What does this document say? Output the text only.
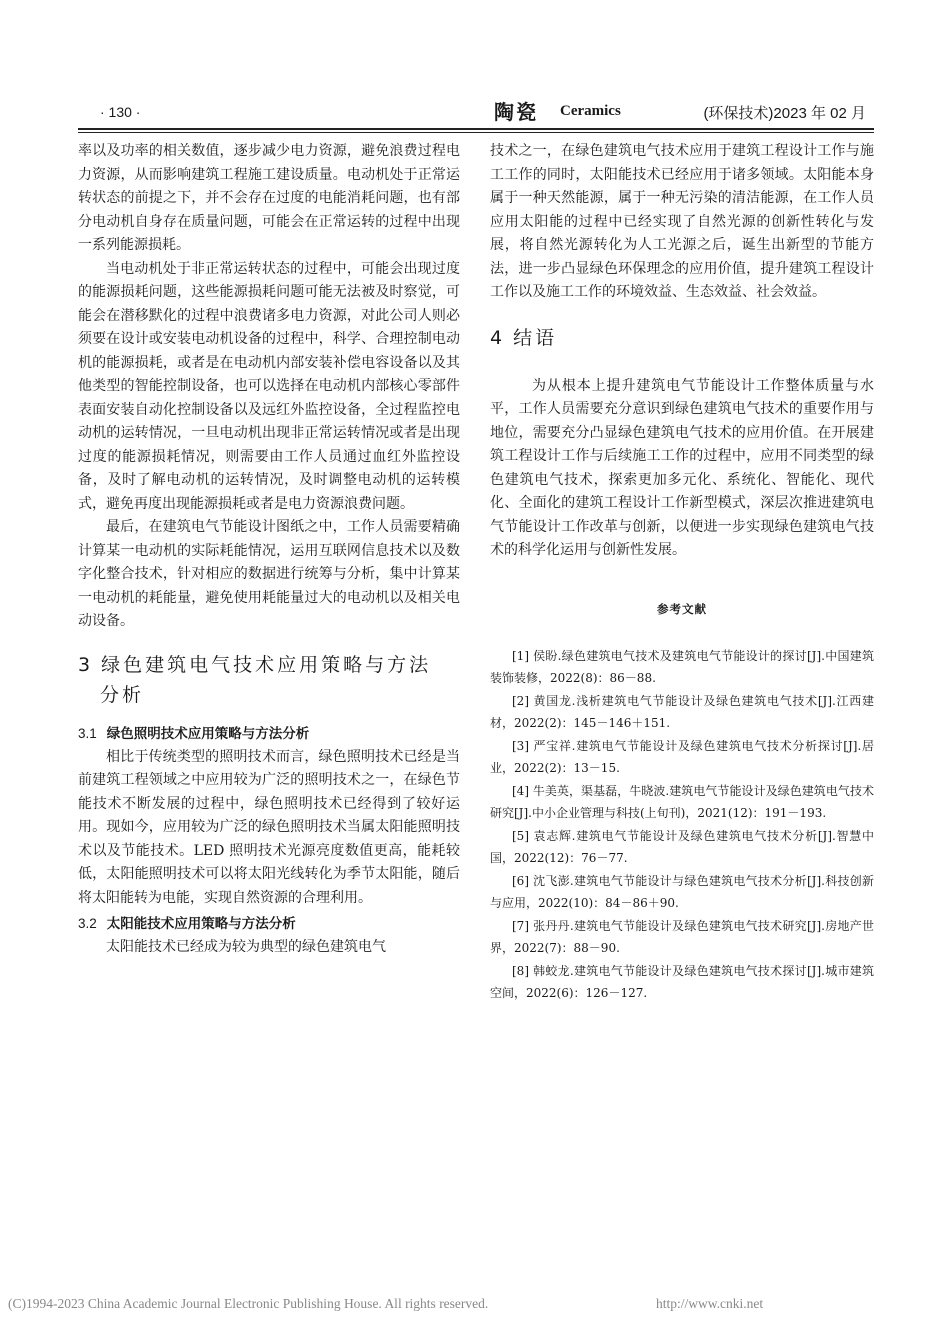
· 130 ·	陶瓷 Ceramics	(环保技术)2023 年 02 月

率以及功率的相关数值，逐步减少电力资源，避免浪费过程电力资源，从而影响建筑工程施工建设质量。电动机处于正常运转状态的前提之下，并不会存在过度的电能消耗问题，也有部分电动机自身存在质量问题，可能会在正常运转的过程中出现一系列能源损耗。

当电动机处于非正常运转状态的过程中，可能会出现过度的能源损耗问题，这些能源损耗问题可能无法被及时察觉，可能会在潜移默化的过程中浪费诸多电力资源，对此公司人则必须要在设计或安装电动机设备的过程中，科学、合理控制电动机的能源损耗，或者是在电动机内部安装补偿电容设备以及其他类型的智能控制设备，也可以选择在电动机内部核心零部件表面安装自动化控制设备以及远红外监控设备，全过程监控电动机的运转情况，一旦电动机出现非正常运转情况或者是出现过度的能源损耗情况，则需要由工作人员通过血红外监控设备，及时了解电动机的运转情况，及时调整电动机的运转模式，避免再度出现能源损耗或者是电力资源浪费问题。

最后，在建筑电气节能设计图纸之中，工作人员需要精确计算某一电动机的实际耗能情况，运用互联网信息技术以及数字化整合技术，针对相应的数据进行统筹与分析，集中计算某一电动机的耗能量，避免使用耗能量过大的电动机以及相关电动设备。

3 绿色建筑电气技术应用策略与方法
分析
3.1 绿色照明技术应用策略与方法分析

相比于传统类型的照明技术而言，绿色照明技术已经是当前建筑工程领域之中应用较为广泛的照明技术之一，在绿色节能技术不断发展的过程中，绿色照明技术已经得到了较好运用。现如今，应用较为广泛的绿色照明技术当属太阳能照明技术以及节能技术。LED 照明技术光源亮度数值更高，能耗较低，太阳能照明技术可以将太阳光线转化为季节太阳能，随后将太阳能转为电能，实现自然资源的合理利用。

3.2 太阳能技术应用策略与方法分析

太阳能技术已经成为较为典型的绿色建筑电气

技术之一，在绿色建筑电气技术应用于建筑工程设计工作与施工工作的同时，太阳能技术已经应用于诸多领域。太阳能本身属于一种天然能源，属于一种无污染的清洁能源，在工作人员应用太阳能的过程中已经实现了自然光源的创新性转化与发展，将自然光源转化为人工光源之后，诞生出新型的节能方法，进一步凸显绿色环保理念的应用价值，提升建筑工程设计工作以及施工工作的环境效益、生态效益、社会效益。

4 结语

为从根本上提升建筑电气节能设计工作整体质量与水平，工作人员需要充分意识到绿色建筑电气技术的重要作用与地位，需要充分凸显绿色建筑电气技术的应用价值。在开展建筑工程设计工作与后续施工工作的过程中，应用不同类型的绿色建筑电气技术，探索更加多元化、系统化、智能化、现代化、全面化的建筑工程设计工作新型模式，深层次推进建筑电气节能设计工作改革与创新，以便进一步实现绿色建筑电气技术的科学化运用与创新性发展。

参考文献

[1] 侯盼.绿色建筑电气技术及建筑电气节能设计的探讨[J].中国建筑装饰装修，2022(8)：86－88.

[2] 黄国龙.浅析建筑电气节能设计及绿色建筑电气技术[J].江西建材，2022(2)：145－146＋151.

[3] 严宝祥.建筑电气节能设计及绿色建筑电气技术分析探讨[J].居业，2022(2)：13－15.

[4] 牛美英，渠基磊，牛晓波.建筑电气节能设计及绿色建筑电气技术研究[J].中小企业管理与科技(上旬刊)，2021(12)：191－193.

[5] 袁志辉.建筑电气节能设计及绿色建筑电气技术分析[J].智慧中国，2022(12)：76－77.

[6] 沈飞澎.建筑电气节能设计与绿色建筑电气技术分析[J].科技创新与应用，2022(10)：84－86＋90.

[7] 张丹丹.建筑电气节能设计及绿色建筑电气技术研究[J].房地产世界，2022(7)：88－90.

[8] 韩蛟龙.建筑电气节能设计及绿色建筑电气技术探讨[J].城市建筑空间，2022(6)：126－127.

(C)1994-2023 China Academic Journal Electronic Publishing House. All rights reserved.	http://www.cnki.net
